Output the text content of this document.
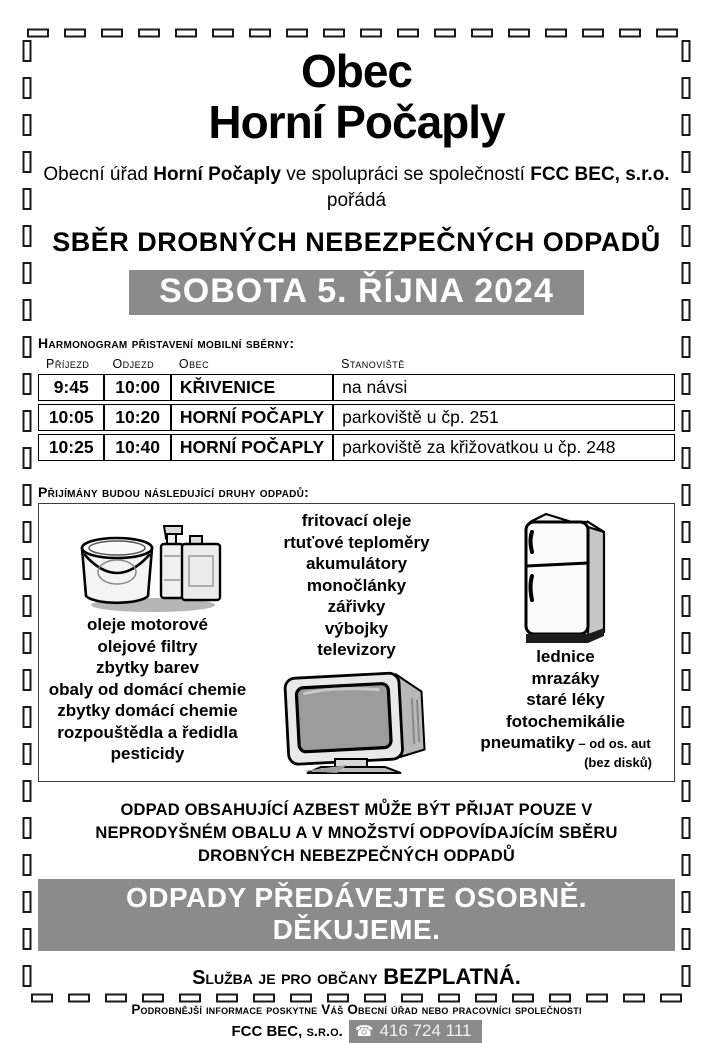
Obec
Horní Počaply

Obecní úřad Horní Počaply ve spolupráci se společností FCC BEC, s.r.o.
pořádá

SBĚR DROBNÝCH NEBEZPEČNÝCH ODPADŮ
SOBOTA 5. ŘÍJNA 2024
Harmonogram přistavení mobilní sběrny:
Příjezd	Odjezd	Obec	Stanoviště
9:45	10:00	KŘIVENICE	na návsi
10:05	10:20	HORNÍ POČAPLY	parkoviště u čp. 251
10:25	10:40	HORNÍ POČAPLY	parkoviště za křižovatkou u čp. 248
Přijímány budou následující druhy odpadů:
oleje motorové
olejové filtry
zbytky barev
obaly od domácí chemie
zbytky domácí chemie
rozpouštědla a ředidla
pesticidy
fritovací oleje
rtuťové teploměry
akumulátory
monočlánky
zářivky
výbojky
televizory	lednice
mrazáky
staré léky
fotochemikálie
pneumatiky – od os. aut
(bez disků)
ODPAD OBSAHUJÍCÍ AZBEST MŮŽE BÝT PŘIJAT POUZE V
NEPRODYŠNÉM OBALU A V MNOŽSTVÍ ODPOVÍDAJÍCÍM SBĚRU
DROBNÝCH NEBEZPEČNÝCH ODPADŮ
ODPADY PŘEDÁVEJTE OSOBNĚ. DĚKUJEME.
Služba je pro občany BEZPLATNÁ.
Podrobnější informace poskytne Váš Obecní úřad nebo pracovníci společnosti
FCC BEC, s.r.o. ☎ 416 724 111
